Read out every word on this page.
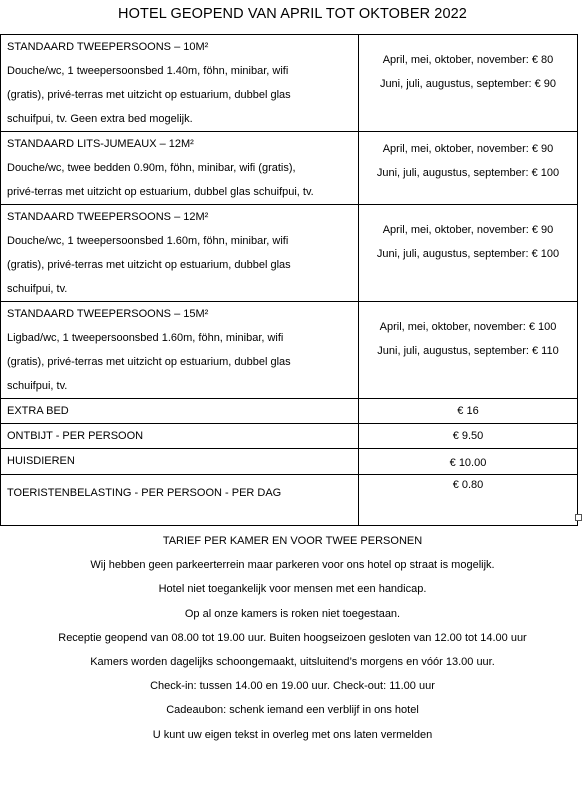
HOTEL GEOPEND VAN APRIL TOT OKTOBER 2022
STANDAARD TWEEPERSOONS – 10M²
Douche/wc, 1 tweepersoonsbed 1.40m, föhn, minibar, wifi
(gratis), privé-terras met uitzicht op estuarium, dubbel glas
schuifpui, tv. Geen extra bed mogelijk.	April, mei, oktober, november: € 80
Juni, juli, augustus, september: € 90

STANDAARD LITS-JUMEAUX – 12M²
Douche/wc, twee bedden 0.90m, föhn, minibar, wifi (gratis),
privé-terras met uitzicht op estuarium, dubbel glas schuifpui, tv.	April, mei, oktober, november: € 90
Juni, juli, augustus, september: € 100

STANDAARD TWEEPERSOONS – 12M²
Douche/wc, 1 tweepersoonsbed 1.60m, föhn, minibar, wifi
(gratis), privé-terras met uitzicht op estuarium, dubbel glas
schuifpui, tv.	April, mei, oktober, november: € 90
Juni, juli, augustus, september: € 100

STANDAARD TWEEPERSOONS – 15M²
Ligbad/wc, 1 tweepersoonsbed 1.60m, föhn, minibar, wifi
(gratis), privé-terras met uitzicht op estuarium, dubbel glas
schuifpui, tv.	April, mei, oktober, november: € 100
Juni, juli, augustus, september: € 110

EXTRA BED	€ 16
ONTBIJT - PER PERSOON	€ 9.50
HUISDIEREN	€ 10.00
TOERISTENBELASTING - PER PERSOON - PER DAG	€ 0.80
TARIEF PER KAMER EN VOOR TWEE PERSONEN
Wij hebben geen parkeerterrein maar parkeren voor ons hotel op straat is mogelijk.
Hotel niet toegankelijk voor mensen met een handicap.
Op al onze kamers is roken niet toegestaan.
Receptie geopend van 08.00 tot 19.00 uur. Buiten hoogseizoen gesloten van 12.00 tot 14.00 uur
Kamers worden dagelijks schoongemaakt, uitsluitend’s morgens en vóór 13.00 uur.
Check-in: tussen 14.00 en 19.00 uur. Check-out: 11.00 uur
Cadeaubon: schenk iemand een verblijf in ons hotel
U kunt uw eigen tekst in overleg met ons laten vermelden
